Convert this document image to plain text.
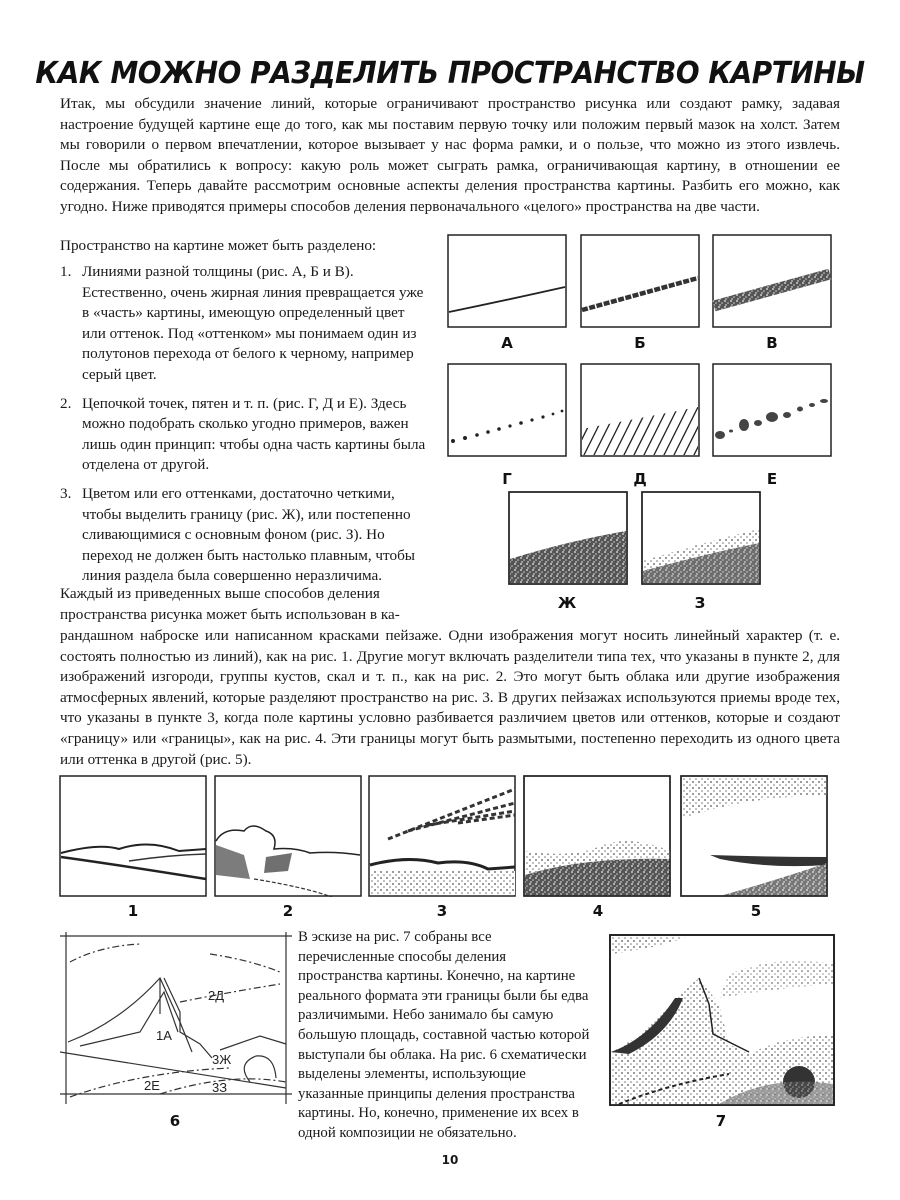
КАК МОЖНО РАЗДЕЛИТЬ ПРОСТРАНСТВО КАРТИНЫ

Итак, мы обсудили значение линий, которые ограничивают пространство рисунка или создают рамку, задавая настроение будущей картине еще до того, как мы поставим первую точку или положим первый мазок на холст. Затем мы говорили о первом впечатлении, которое вызывает у нас форма рамки, и о пользе, что можно из этого извлечь. После мы обратились к вопросу: какую роль может сыграть рамка, ограничивающая картину, в отношении ее содержания. Теперь давайте рассмотрим основные аспекты деления пространства картины. Разбить его можно, как угодно. Ниже приводятся примеры способов деления первоначального «целого» пространства на две части.

Пространство на картине может быть разделено:

1. Линиями разной толщины (рис. А, Б и В). Естественно, очень жирная линия превращается уже в «часть» картины, имеющую определенный цвет или оттенок. Под «оттенком» мы понимаем один из полутонов перехода от белого к черному, например серый цвет.
2. Цепочкой точек, пятен и т. п. (рис. Г, Д и Е). Здесь можно подобрать сколько угодно примеров, важен лишь один принцип: чтобы одна часть картины была отделена от другой.
3. Цветом или его оттенками, достаточно четкими, чтобы выделить границу (рис. Ж), или постепенно сливающимися с основным фоном (рис. З). Но переход не должен быть настолько плавным, чтобы линия раздела была совершенно неразличима.

Каждый из приведенных выше способов деления пространства рисунка может быть использован в ка-

рандашном наброске или написанном красками пейзаже. Одни изображения могут носить линейный характер (т. е. состоять полностью из линий), как на рис. 1. Другие могут включать разделители типа тех, что указаны в пункте 2, для изображений изгороди, группы кустов, скал и т. п., как на рис. 2. Это могут быть облака или другие изображения атмосферных явлений, которые разделяют пространство на рис. 3. В других пейзажах используются приемы вроде тех, что указаны в пункте 3, когда поле картины условно разбивается различием цветов или оттенков, которые и создают «границу» или «границы», как на рис. 4. Эти границы могут быть размытыми, постепенно переходить из одного цвета или оттенка в другой (рис. 5).

А	Б	В
Г	Д	Е
Ж	З
1	2	3	4	5
2Д
1А
3Ж
2Е	3З
6

В эскизе на рис. 7 собраны все перечисленные способы деления пространства картины. Конечно, на картине реального формата эти границы были бы едва различимыми. Небо занимало бы самую большую площадь, составной частью которой выступали бы облака. На рис. 6 схематически выделены элементы, использующие указанные принципы деления пространства картины. Но, конечно, применение их всех в одной композиции не обязательно.

7
10
